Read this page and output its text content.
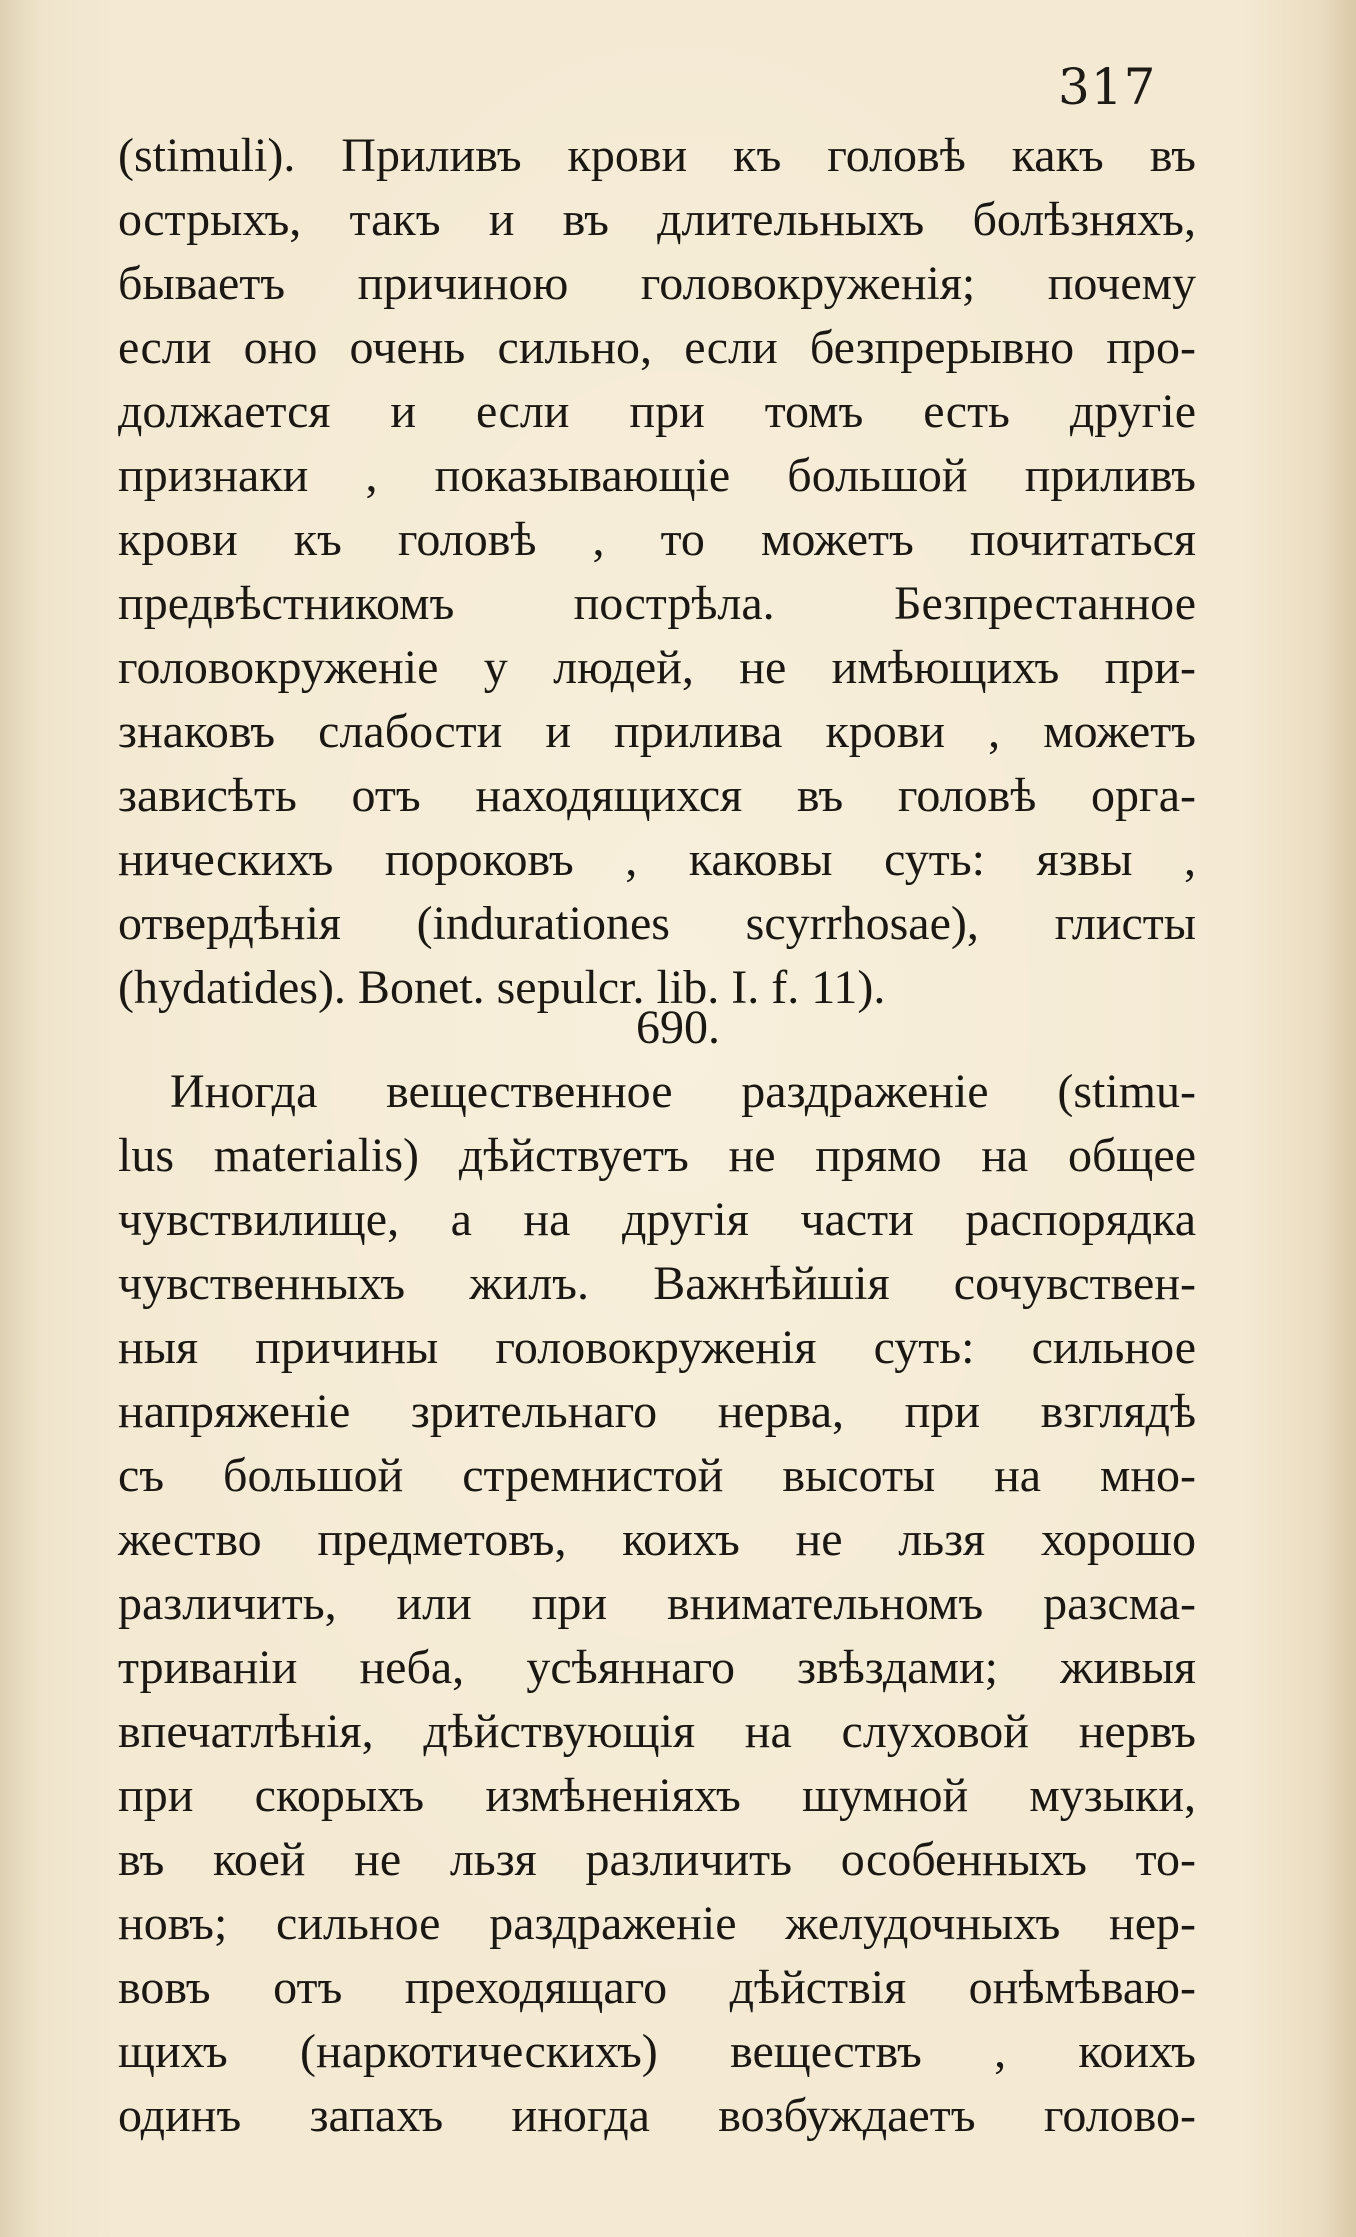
317
(stimuli). Приливъ крови къ головѣ какъ въ
острыхъ, такъ и въ длительныхъ болѣзняхъ,
бываетъ причиною головокруженія; почему
если оно очень сильно, если безпрерывно про-
должается и если при томъ есть другіе
признаки , показывающіе большой приливъ
крови къ головѣ , то можетъ почитаться
предвѣстникомъ пострѣла. Безпрестанное
головокруженіе у людей, не имѣющихъ при-
знаковъ слабости и прилива крови , можетъ
зависѣть отъ находящихся въ головѣ орга-
ническихъ пороковъ , каковы суть: язвы ,
отвердѣнія (indurationes scyrrhosae), глисты
(hydatides). Bonet. sepulcr. lib. I. f. 11).
690.
Иногда вещественное раздраженіе (stimu-
lus materialis) дѣйствуетъ не прямо на общее
чувствилище, а на другія части распорядка
чувственныхъ жилъ. Важнѣйшія сочувствен-
ныя причины головокруженія суть: сильное
напряженіе зрительнаго нерва, при взглядѣ
съ большой стремнистой высоты на мно-
жество предметовъ, коихъ не льзя хорошо
различить, или при внимательномъ разсма-
триваніи неба, усѣяннаго звѣздами; живыя
впечатлѣнія, дѣйствующія на слуховой нервъ
при скорыхъ измѣненіяхъ шумной музыки,
въ коей не льзя различить особенныхъ то-
новъ; сильное раздраженіе желудочныхъ нер-
вовъ отъ преходящаго дѣйствія онѣмѣваю-
щихъ (наркотическихъ) веществъ , коихъ
одинъ запахъ иногда возбуждаетъ голово-
